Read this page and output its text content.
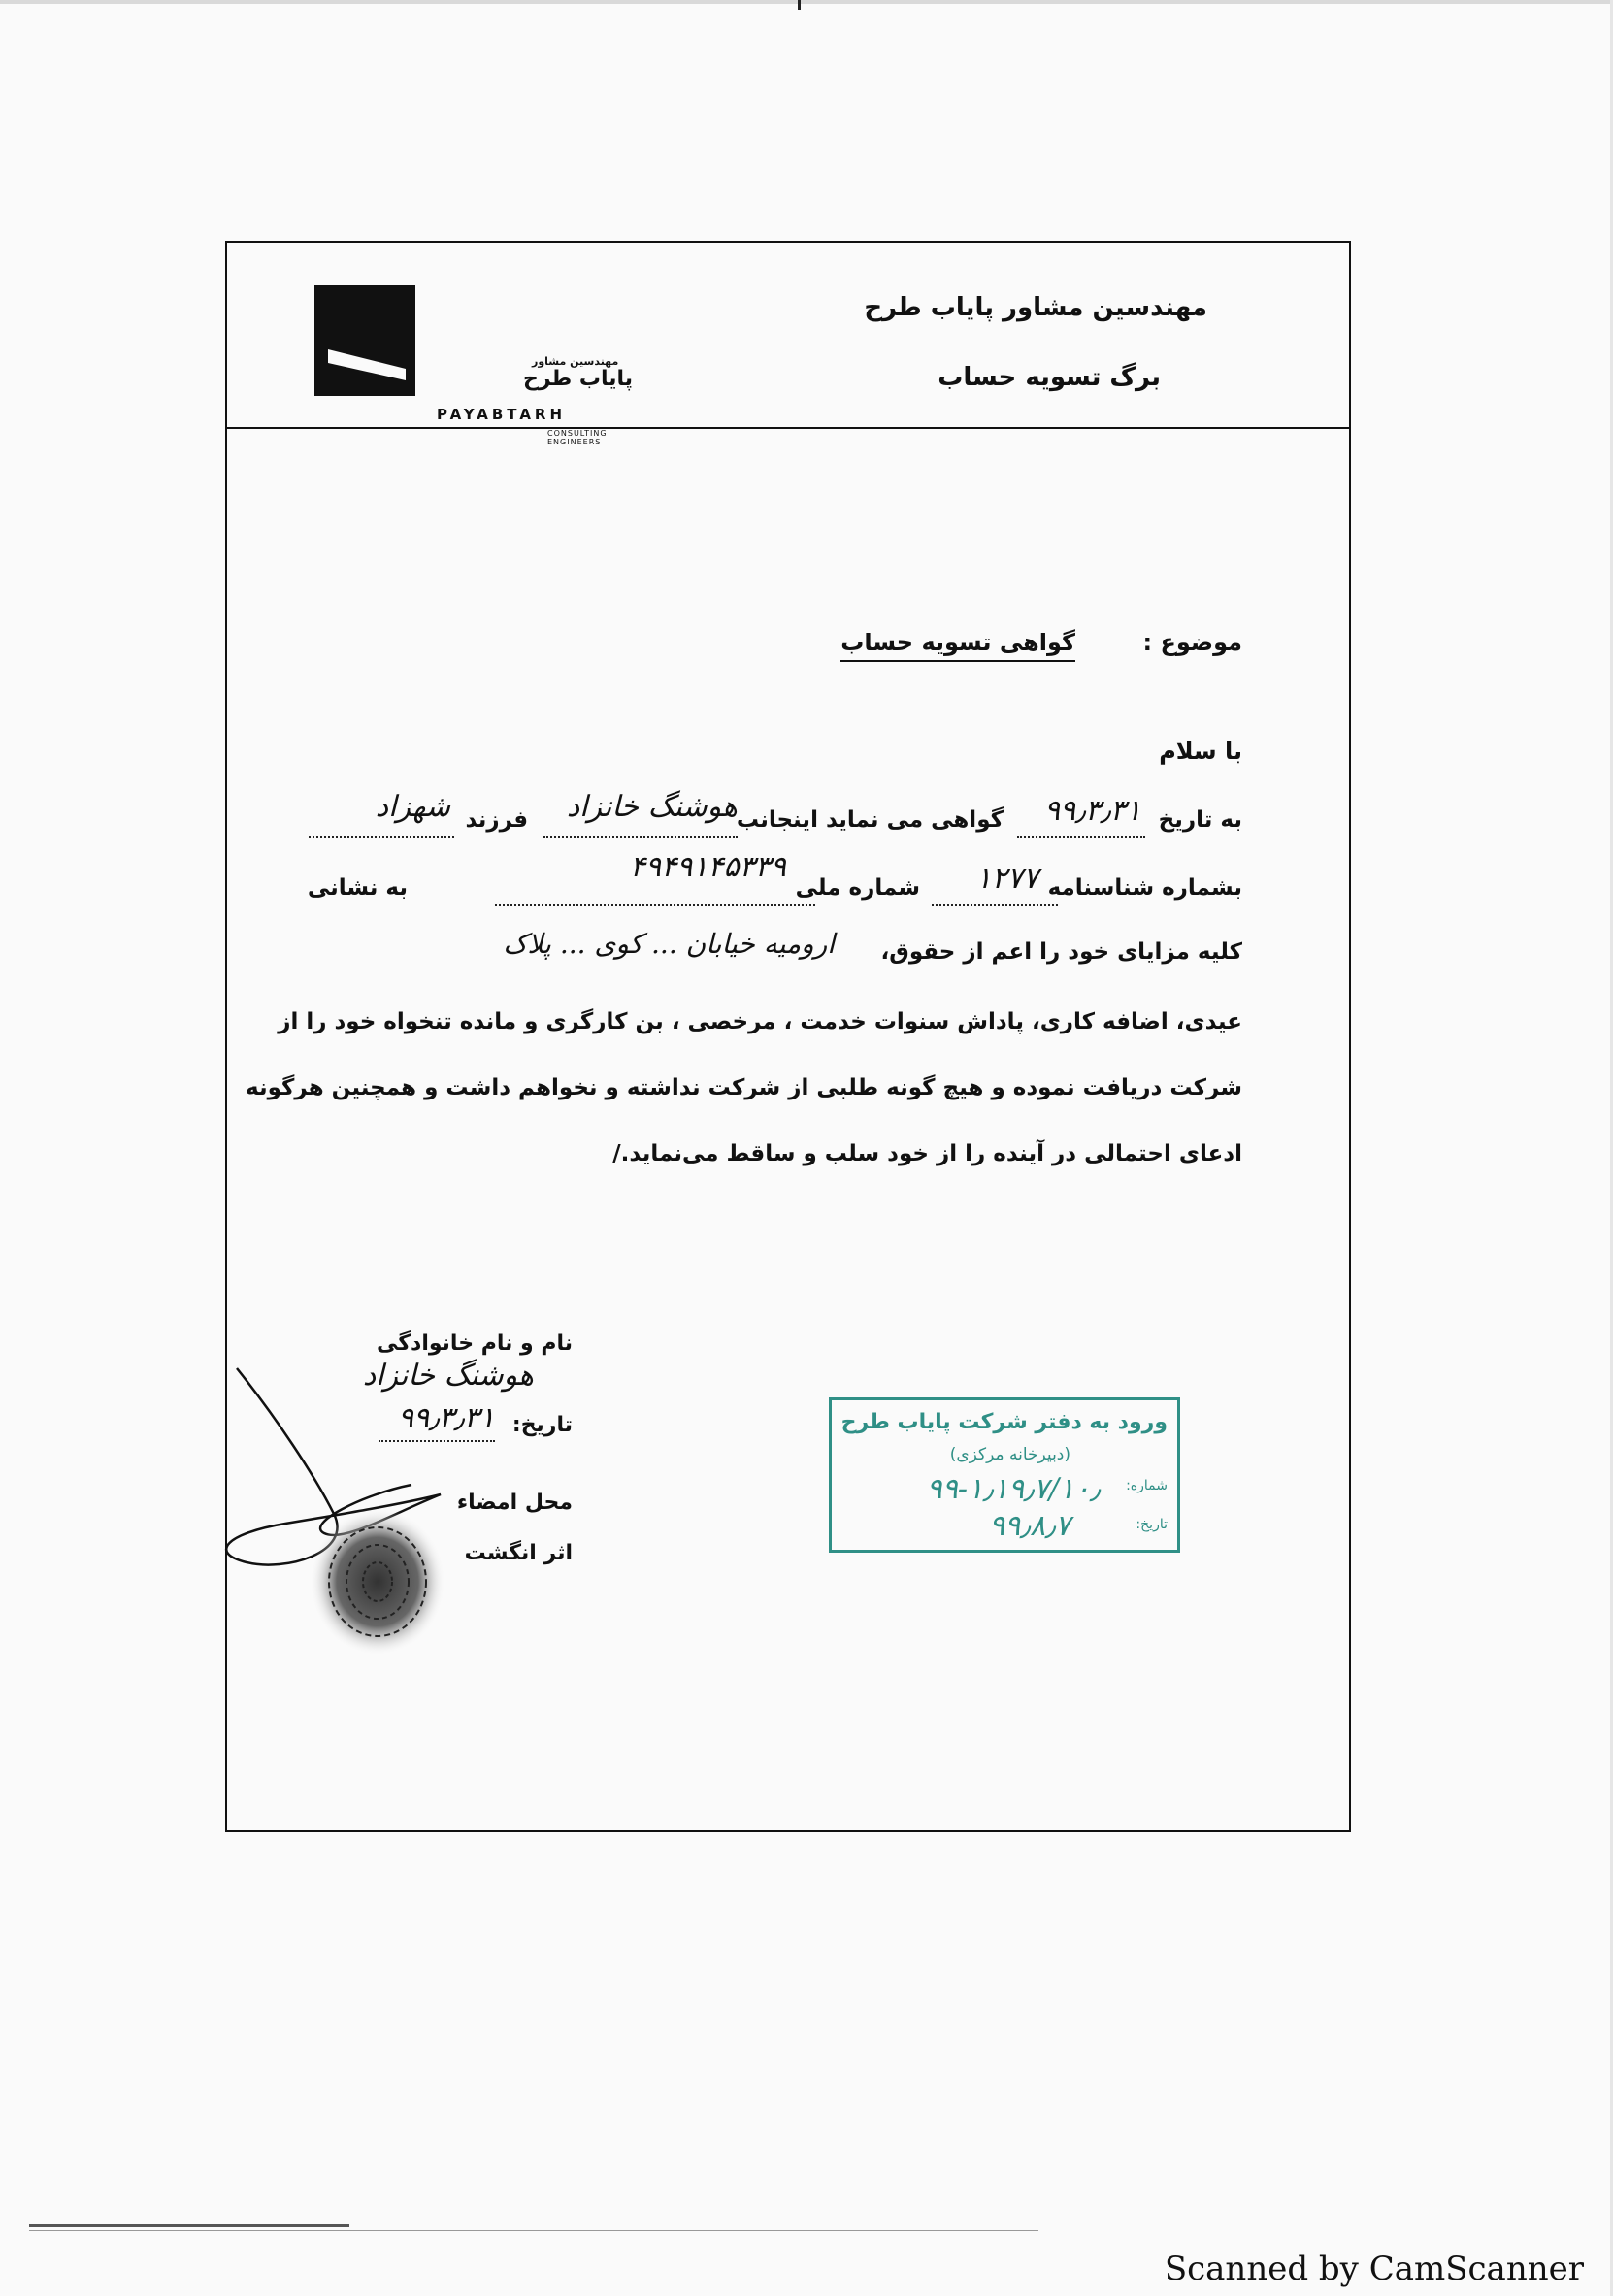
مهندسین مشاور پایاب طرح
برگ تسویه حساب
مهندسین مشاور
پایاب طرح
PAYABTARH
CONSULTING ENGINEERS
موضوع :
گواهی تسویه حساب
با سلام
به تاریخ
۹۹٫۳٫۳۱
گواهی می نماید اینجانب
هوشنگ خانزاد
فرزند
شهزاد
بشماره شناسنامه
۱۲۷۷
شماره ملی
۴۹۴۹۱۴۵۳۳۹
به نشانی
کلیه مزایای خود را اعم از حقوق،
ارومیه خیابان ... کوی ... پلاک
عیدی، اضافه کاری، پاداش سنوات خدمت ، مرخصی ، بن کارگری و مانده تنخواه خود را از
شرکت دریافت نموده و هیچ گونه طلبی از شرکت نداشته و نخواهم داشت و همچنین هرگونه
ادعای احتمالی در آینده را از خود سلب و ساقط می‌نماید./
نام و نام خانوادگی
هوشنگ خانزاد
تاریخ:
۹۹٫۳٫۳۱
محل امضاء
اثر انگشت
ورود به دفتر شرکت پایاب طرح
(دبیرخانه مرکزی)
شماره:
۱۰٫/۹۹-۱٫۱۹٫۷
تاریخ:
۹۹٫۸٫۷
Scanned by CamScanner
